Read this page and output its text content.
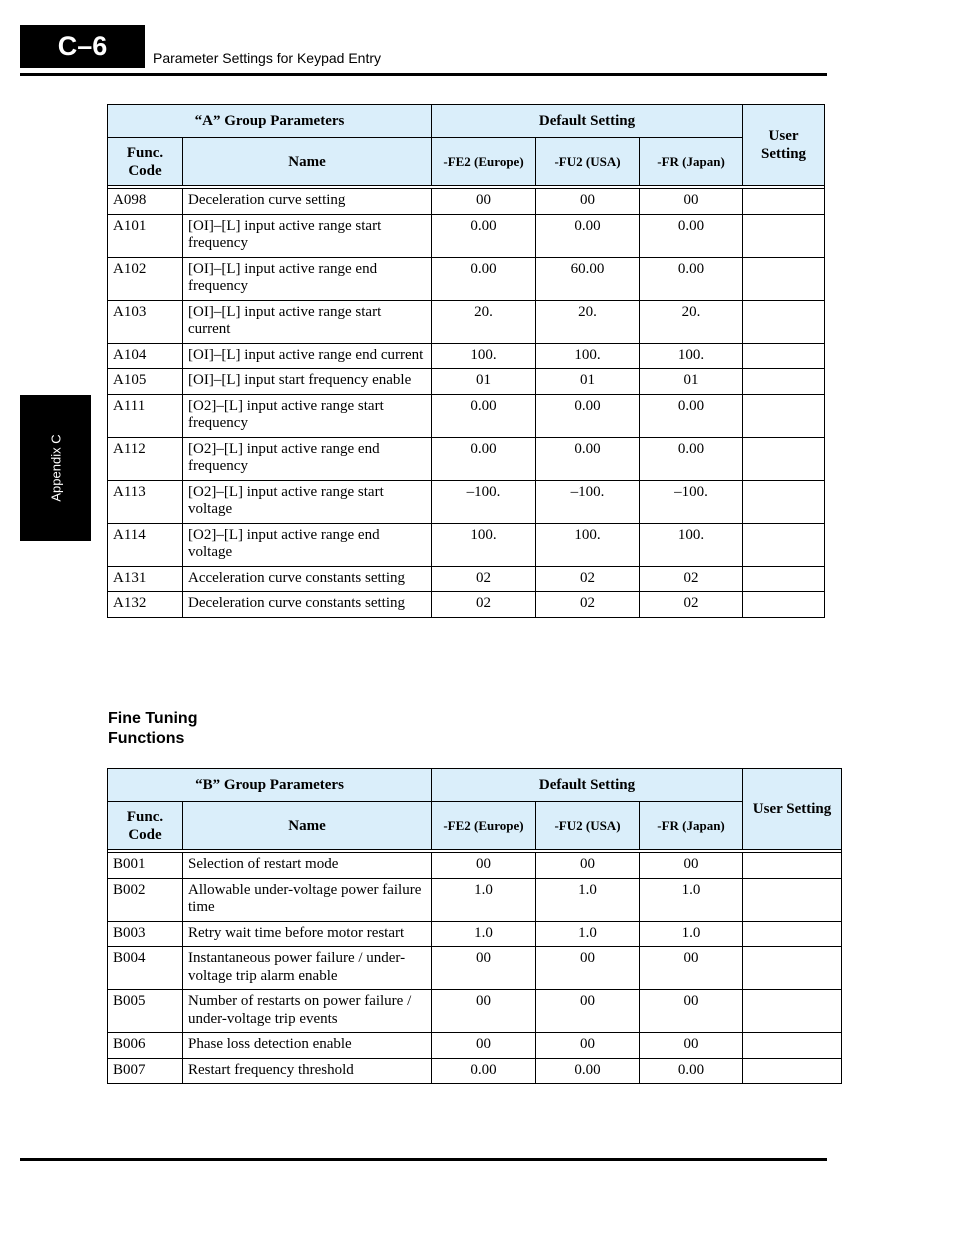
C–6	Parameter Settings for Keypad Entry
Appendix C
“A” Group Parameters		Default Setting			User Setting
Func. Code	Name	-FE2 (Europe)	-FU2 (USA)	-FR (Japan)	

A098	Deceleration curve setting	00	00	00	
A101	[OI]–[L] input active range start frequency	0.00	0.00	0.00	
A102	[OI]–[L] input active range end frequency	0.00	60.00	0.00	
A103	[OI]–[L] input active range start current	20.	20.	20.	
A104	[OI]–[L] input active range end current	100.	100.	100.	
A105	[OI]–[L] input start frequency enable	01	01	01	
A111	[O2]–[L] input active range start frequency	0.00	0.00	0.00	
A112	[O2]–[L] input active range end frequency	0.00	0.00	0.00	
A113	[O2]–[L] input active range start voltage	–100.	–100.	–100.	
A114	[O2]–[L] input active range end voltage	100.	100.	100.	
A131	Acceleration curve constants setting	02	02	02	
A132	Deceleration curve constants setting	02	02	02	
Fine Tuning Functions
“B” Group Parameters		Default Setting			User Setting
Func. Code	Name	-FE2 (Europe)	-FU2 (USA)	-FR (Japan)	

B001	Selection of restart mode	00	00	00	
B002	Allowable under-voltage power failure time	1.0	1.0	1.0	
B003	Retry wait time before motor restart	1.0	1.0	1.0	
B004	Instantaneous power failure / under-voltage trip alarm enable	00	00	00	
B005	Number of restarts on power failure / under-voltage trip events	00	00	00	
B006	Phase loss detection enable	00	00	00	
B007	Restart frequency threshold	0.00	0.00	0.00	
